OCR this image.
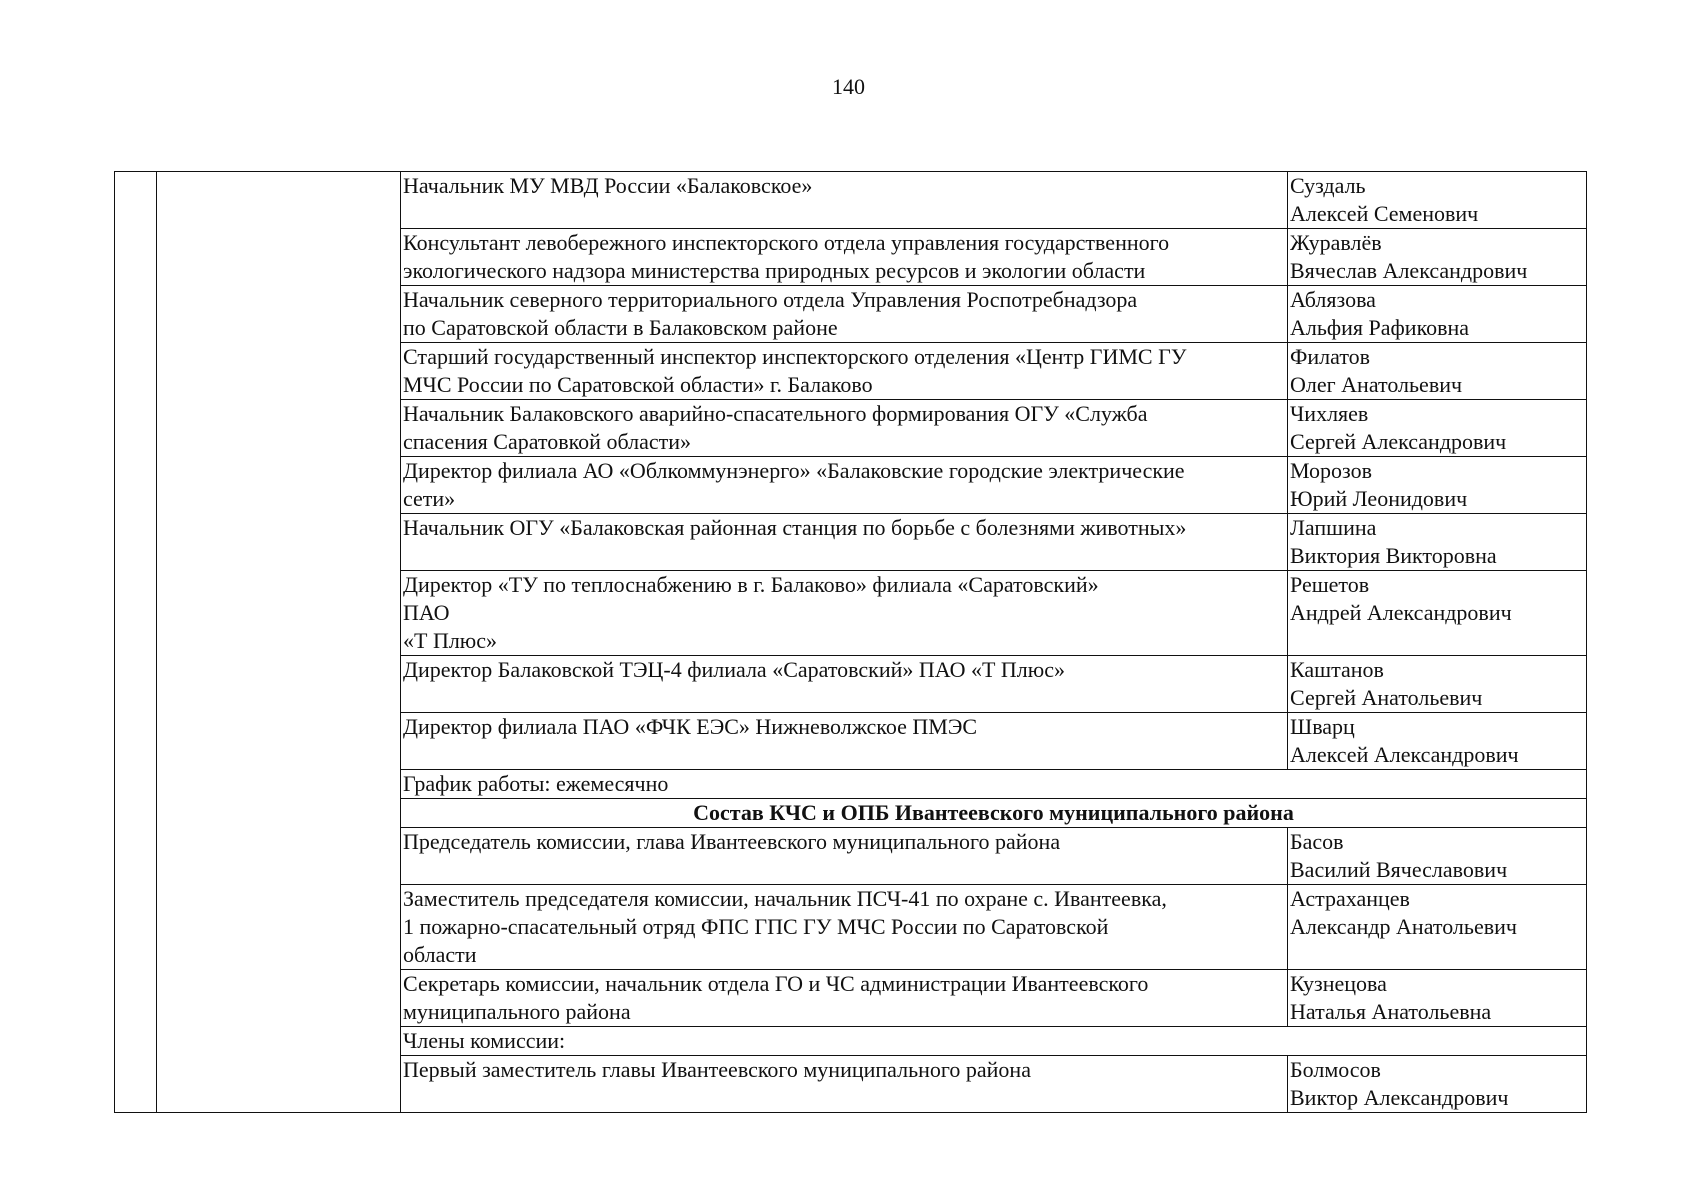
140
		Начальник МУ МВД России «Балаковское»	Суздаль
Алексей Семенович
		Консультант левобережного инспекторского отдела управления государственного
экологического надзора министерства природных ресурсов и экологии области	Журавлёв
Вячеслав Александрович
		Начальник северного территориального отдела Управления Роспотребнадзора
по Саратовской области в Балаковском районе	Аблязова
Альфия Рафиковна
		Старший государственный инспектор инспекторского отделения «Центр ГИМС ГУ
МЧС России по Саратовской области» г. Балаково	Филатов
Олег Анатольевич
		Начальник Балаковского аварийно-спасательного формирования ОГУ «Служба
спасения Саратовкой области»	Чихляев
Сергей Александрович
		Директор филиала АО «Облкоммунэнерго» «Балаковские городские электрические
сети»	Морозов
Юрий Леонидович
		Начальник ОГУ «Балаковская районная станция по борьбе с болезнями животных»	Лапшина
Виктория Викторовна
		Директор «ТУ по теплоснабжению в г. Балаково» филиала «Саратовский»
ПАО
«Т Плюс»	Решетов
Андрей Александрович
		Директор Балаковской ТЭЦ-4 филиала «Саратовский» ПАО «Т Плюс»	Каштанов
Сергей Анатольевич
		Директор филиала ПАО «ФЧК ЕЭС» Нижневолжское ПМЭС	Шварц
Алексей Александрович
		График работы: ежемесячно	
		Состав КЧС и ОПБ Ивантеевского муниципального района	
		Председатель комиссии, глава Ивантеевского муниципального района	Басов
Василий Вячеславович
		Заместитель председателя комиссии, начальник ПСЧ-41 по охране с. Ивантеевка,
1 пожарно-спасательный отряд ФПС ГПС ГУ МЧС России по Саратовской
области	Астраханцев
Александр Анатольевич
		Секретарь комиссии, начальник отдела ГО и ЧС администрации Ивантеевского
муниципального района	Кузнецова
Наталья Анатольевна
		Члены комиссии:	
		Первый заместитель главы Ивантеевского муниципального района	Болмосов
Виктор Александрович
